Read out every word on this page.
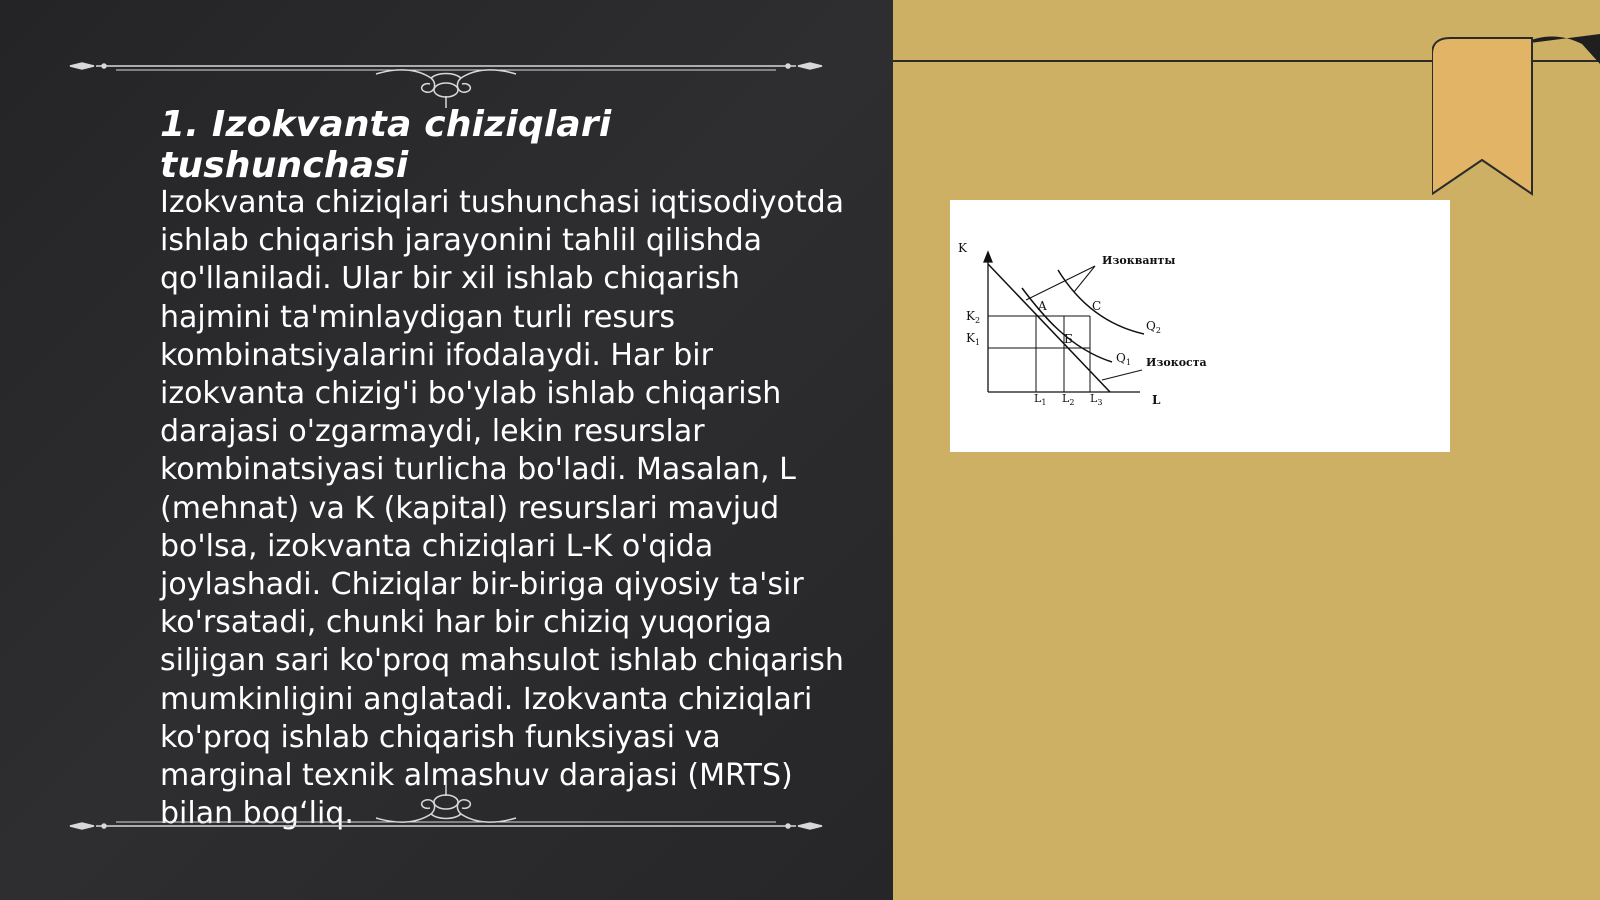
1. Izokvanta chiziqlari tushunchasi

Izokvanta chiziqlari tushunchasi iqtisodiyotda ishlab chiqarish jarayonini tahlil qilishda qo'llaniladi. Ular bir xil ishlab chiqarish hajmini ta'minlaydigan turli resurs kombinatsiyalarini ifodalaydi. Har bir izokvanta chizig'i bo'ylab ishlab chiqarish darajasi o'zgarmaydi, lekin resurslar kombinatsiyasi turlicha bo'ladi. Masalan, L (mehnat) va K (kapital) resurslari mavjud bo'lsa, izokvanta chiziqlari L-K o'qida joylashadi. Chiziqlar bir-biriga qiyosiy ta'sir ko'rsatadi, chunki har bir chiziq yuqoriga siljigan sari ko'proq mahsulot ishlab chiqarish mumkinligini anglatadi. Izokvanta chiziqlari ko'proq ishlab chiqarish funksiyasi va marginal texnik almashuv darajasi (MRTS) bilan bog‘liq.

K
L
Изокванты
Изокоста
A
Б
C
$Q_1$
$Q_2$
$K_2$
$K_1$
$L_1$ $L_2$ $L_3$
